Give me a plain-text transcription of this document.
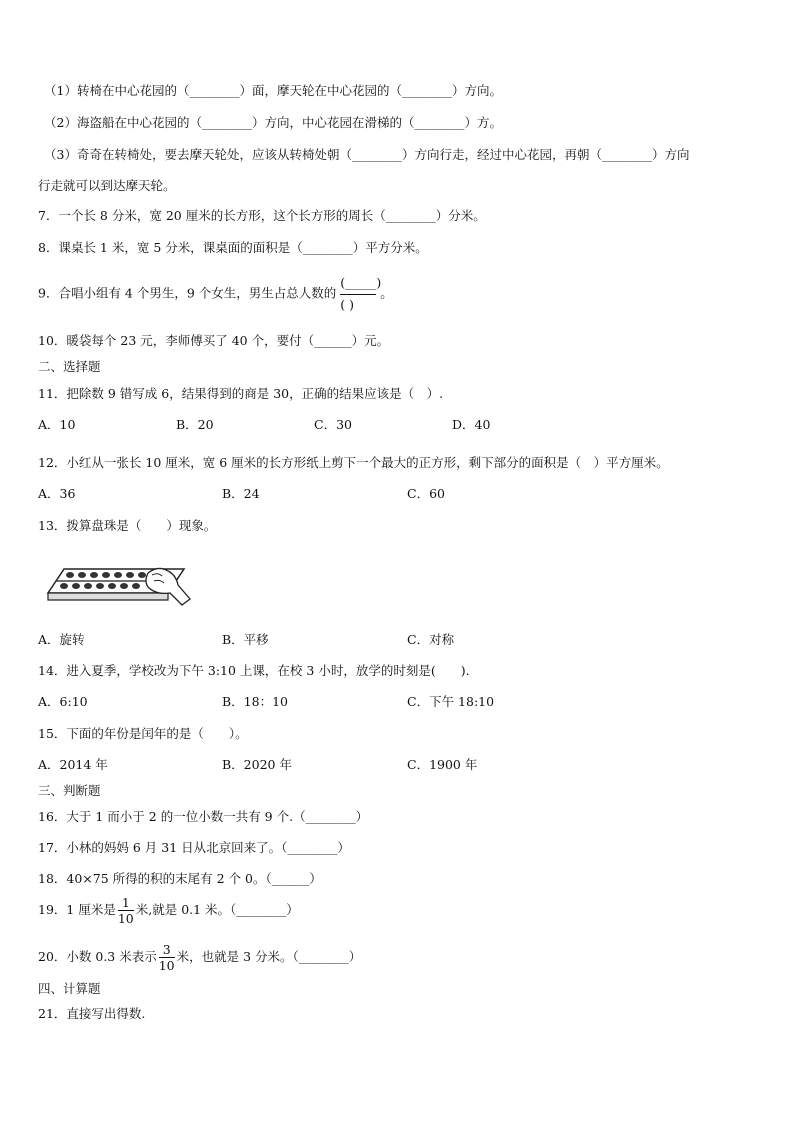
（1）转椅在中心花园的（________）面，摩天轮在中心花园的（________）方向。
（2）海盗船在中心花园的（________）方向，中心花园在滑梯的（________）方。
（3）奇奇在转椅处，要去摩天轮处，应该从转椅处朝（________）方向行走，经过中心花园，再朝（________）方向
行走就可以到达摩天轮。
7．一个长 8 分米，宽 20 厘米的长方形，这个长方形的周长（________）分米。
8．课桌长 1 米，宽 5 分米，课桌面的面积是（________）平方分米。
9．合唱小组有 4 个男生，9 个女生，男生占总人数的
(_____)
( )
。
10．暖袋每个 23 元，李师傅买了 40 个，要付（______）元。
二、选择题
11．把除数 9 错写成 6，结果得到的商是 30，正确的结果应该是（　）.
A．10	B．20	C．30	D．40
12．小红从一张长 10 厘米，宽 6 厘米的长方形纸上剪下一个最大的正方形，剩下部分的面积是（　）平方厘米。
A．36	B．24	C．60
13．拨算盘珠是（　　）现象。
A．旋转	B．平移	C．对称
14．进入夏季，学校改为下午 3:10 上课，在校 3 小时，放学的时刻是(　　).
A．6:10	B．18：10	C．下午 18:10
15．下面的年份是闰年的是（　　）。
A．2014 年	B．2020 年	C．1900 年
三、判断题
16．大于 1 而小于 2 的一位小数一共有 9 个.（________）
17．小林的妈妈 6 月 31 日从北京回来了。（________）
18．40×75 所得的积的末尾有 2 个 0。（______）
19．1 厘米是 $\frac{1}{10}$ 米,就是 0.1 米。（________）
20．小数 0.3 米表示 $\frac{3}{10}$ 米，也就是 3 分米。（________）
四、计算题
21．直接写出得数.
